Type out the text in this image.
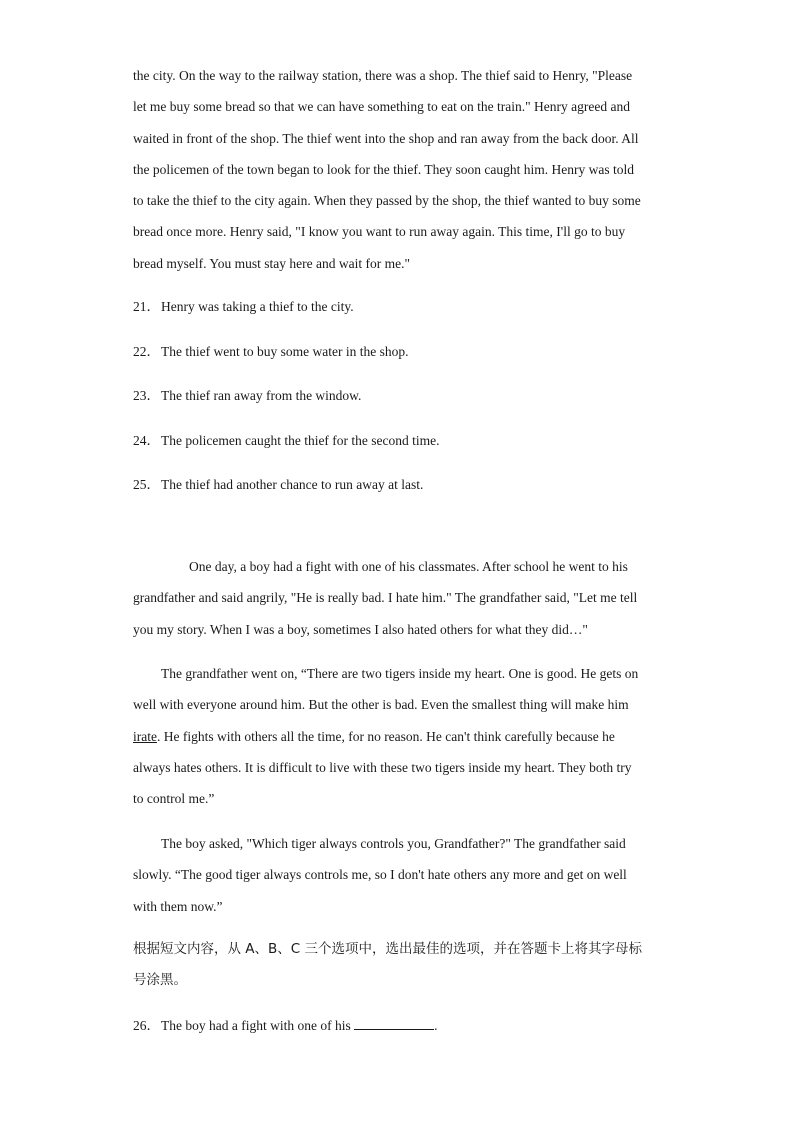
the city. On the way to the railway station, there was a shop. The thief said to Henry, "Please

let me buy some bread so that we can have something to eat on the train." Henry agreed and

waited in front of the shop. The thief went into the shop and ran away from the back door. All

the policemen of the town began to look for the thief. They soon caught him. Henry was told

to take the thief to the city again. When they passed by the shop, the thief wanted to buy some

bread once more. Henry said, "I know you want to run away again. This time, I'll go to buy

bread myself. You must stay here and wait for me."

21．Henry was taking a thief to the city.

22．The thief went to buy some water in the shop.

23．The thief ran away from the window.

24．The policemen caught the thief for the second time.

25．The thief had another chance to run away at last.

One day, a boy had a fight with one of his classmates. After school he went to his

grandfather and said angrily, "He is really bad. I hate him." The grandfather said, "Let me tell

you my story. When I was a boy, sometimes I also hated others for what they did…"

The grandfather went on, “There are two tigers inside my heart. One is good. He gets on

well with everyone around him. But the other is bad. Even the smallest thing will make him

irate. He fights with others all the time, for no reason. He can't think carefully because he

always hates others. It is difficult to live with these two tigers inside my heart. They both try

to control me.”

The boy asked, "Which tiger always controls you, Grandfather?" The grandfather said

slowly. “The good tiger always controls me, so I don't hate others any more and get on well

with them now.”

根据短文内容，从 A、B、C 三个选项中，选出最佳的选项，并在答题卡上将其字母标

号涂黑。

26．The boy had a fight with one of his	.
